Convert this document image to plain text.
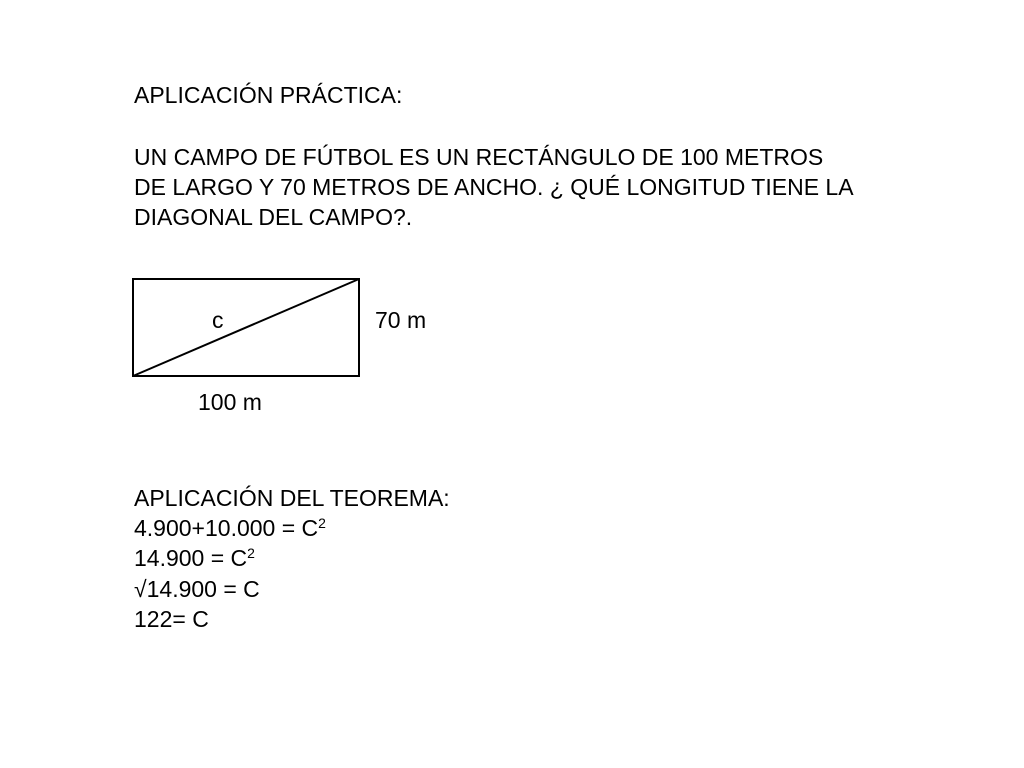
APLICACIÓN PRÁCTICA:
UN CAMPO DE FÚTBOL ES UN RECTÁNGULO DE 100 METROS
DE LARGO Y 70 METROS DE ANCHO. ¿ QUÉ LONGITUD TIENE LA
DIAGONAL DEL CAMPO?.
c	70 m
100 m
APLICACIÓN DEL TEOREMA:
$4.900+10.000 = C^2$
$14.900 = C^2$
√14.900 = C
122= C
